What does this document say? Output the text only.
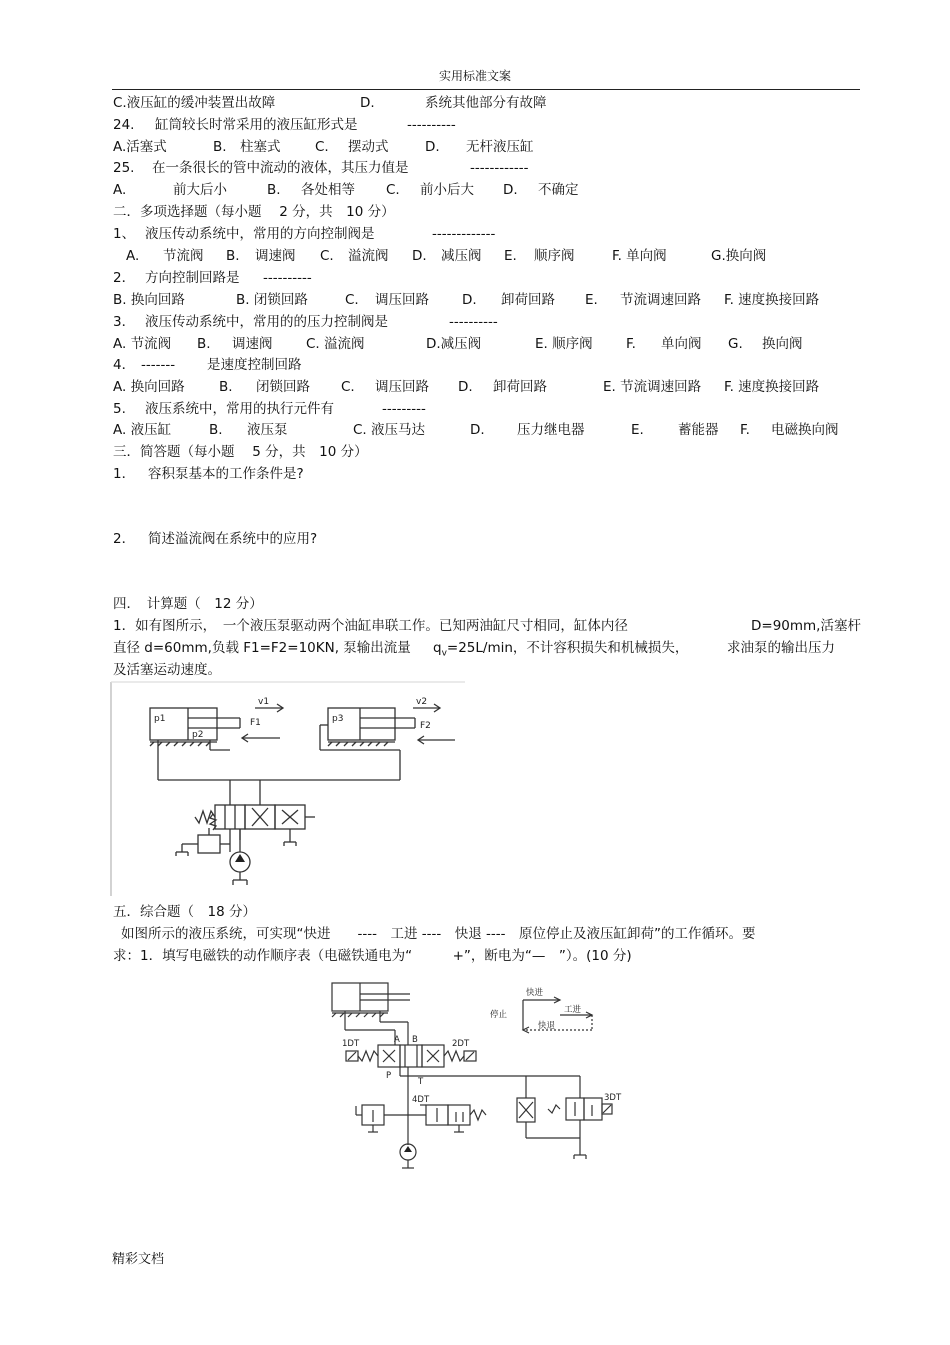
实用标准文案
C.液压缸的缓冲装置出故障	D.	系统其他部分有故障
24. 缸筒较长时常采用的液压缸形式是	----------
A.活塞式	B. 柱塞式	C. 摆动式	D. 无杆液压缸
25. 在一条很长的管中流动的液体，其压力值是	------------
A.	前大后小	B. 各处相等 C. 前小后大 D. 不确定
二．多项选择题（每小题　 2 分，共　10 分）
1、 液压传动系统中，常用的方向控制阀是	-------------
A. 节流阀 B. 调速阀 C. 溢流阀 D. 减压阀 E. 顺序阀	F. 单向阀	G.换向阀
2． 方向控制回路是 ----------
B. 换向回路	B. 闭锁回路	C. 调压回路 D. 卸荷回路 E. 节流调速回路 F. 速度换接回路
3． 液压传动系统中，常用的的压力控制阀是	----------
A. 节流阀 B. 调速阀 C. 溢流阀	D.减压阀	E. 顺序阀 F. 单向阀 G. 换向阀
4． ------- 是速度控制回路
A. 换向回路	B. 闭锁回路 C. 调压回路 D. 卸荷回路	E. 节流调速回路 F. 速度换接回路
5. 液压系统中，常用的执行元件有	---------
A. 液压缸	B. 液压泵	C. 液压马达	D. 压力继电器	E.	蓄能器 F. 电磁换向阀
三．简答题（每小题　 5 分，共　10 分）
1． 容积泵基本的工作条件是?
2． 简述溢流阀在系统中的应用?
四．　计算题（　12 分）
1．如有图所示，　一个液压泵驱动两个油缸串联工作。已知两油缸尺寸相同，缸体内径	D=90mm,活塞杆
直径 d=60mm,负载 F1=F2=10KN, 泵输出流量 $q_v=25L/\min$，不计容积损失和机械损失，	求油泵的输出压力
及活塞运动速度。
p1
p2
p3
v1
F1
v2
F2
五．综合题（　18 分）
如图所示的液压系统，可实现“快进　　----　工进 ----　快退 ----　原位停止及液压缸卸荷”的工作循环。要
求：1．填写电磁铁的动作顺序表（电磁铁通电为“　　　+”，断电为“—　”）。(10 分)
1DT	2DT
3DT
4DT
A B
P
T
快进
工进
快退
停止
精彩文档
